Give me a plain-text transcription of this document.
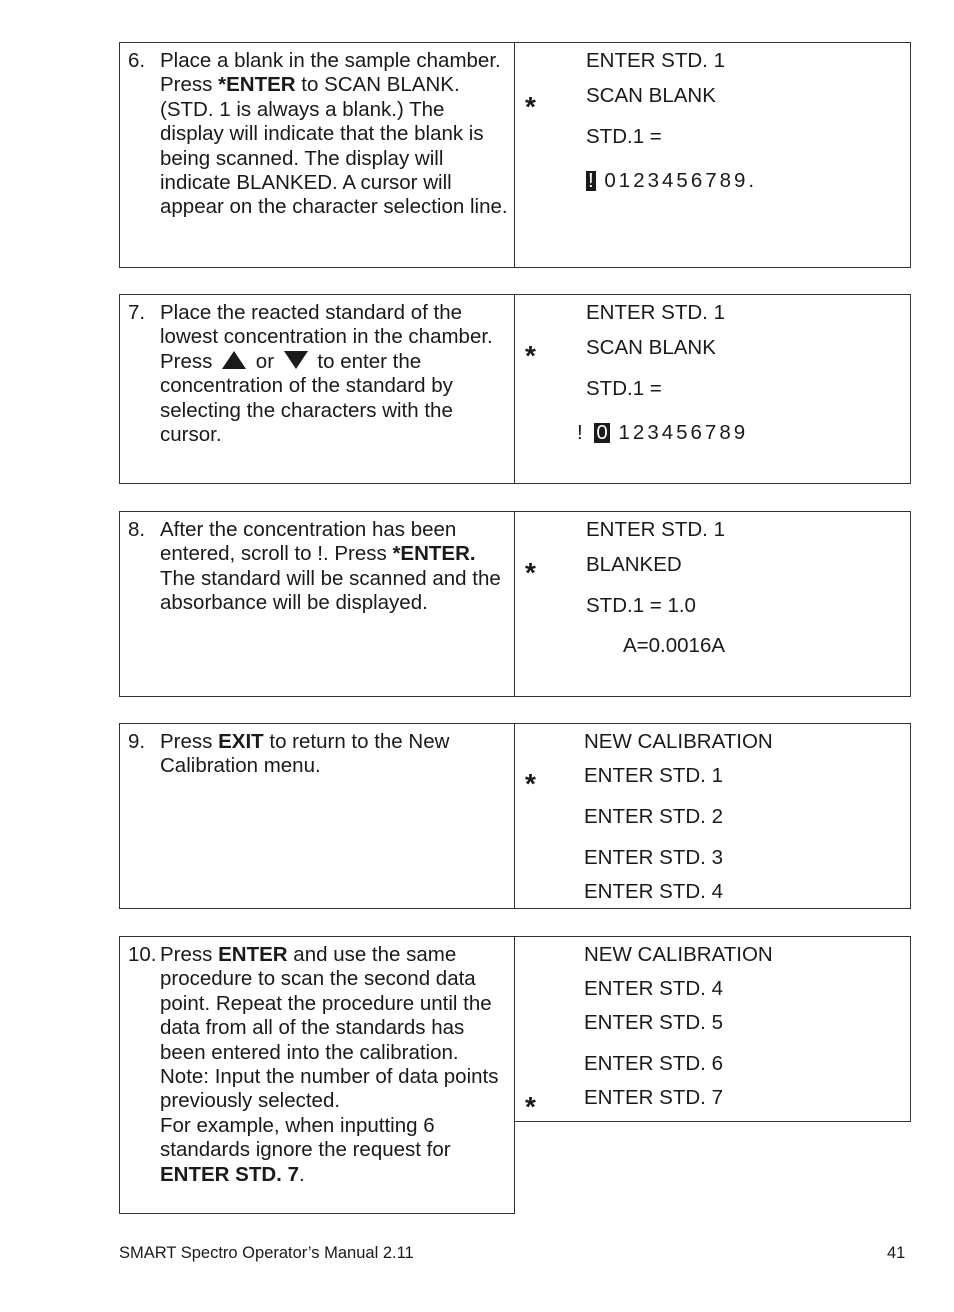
6. Place a blank in the sample chamber. Press *ENTER to SCAN BLANK. (STD. 1 is always a blank.) The display will indicate that the blank is being scanned. The display will indicate BLANKED. A cursor will appear on the character selection line.
ENTER STD. 1
* SCAN BLANK
STD.1 =
! 0123456789.
7. Place the reacted standard of the lowest concentration in the chamber. Press  or  to enter the concentration of the standard by selecting the characters with the cursor.
ENTER STD. 1
* SCAN BLANK
STD.1 =
! 0 123456789
8. After the concentration has been entered, scroll to !. Press *ENTER. The standard will be scanned and the absorbance will be displayed.
ENTER STD. 1
* BLANKED
STD.1 = 1.0
A=0.0016A
9. Press EXIT to return to the New Calibration menu.
NEW CALIBRATION
* ENTER STD. 1
ENTER STD. 2
ENTER STD. 3
ENTER STD. 4
10. Press ENTER and use the same procedure to scan the second data point. Repeat the procedure until the data from all of the standards has been entered into the calibration.
Note: Input the number of data points previously selected.
For example, when inputting 6 standards ignore the request for ENTER STD. 7.
NEW CALIBRATION
ENTER STD. 4
ENTER STD. 5
ENTER STD. 6
* ENTER STD. 7
SMART Spectro Operator’s Manual 2.11	41
